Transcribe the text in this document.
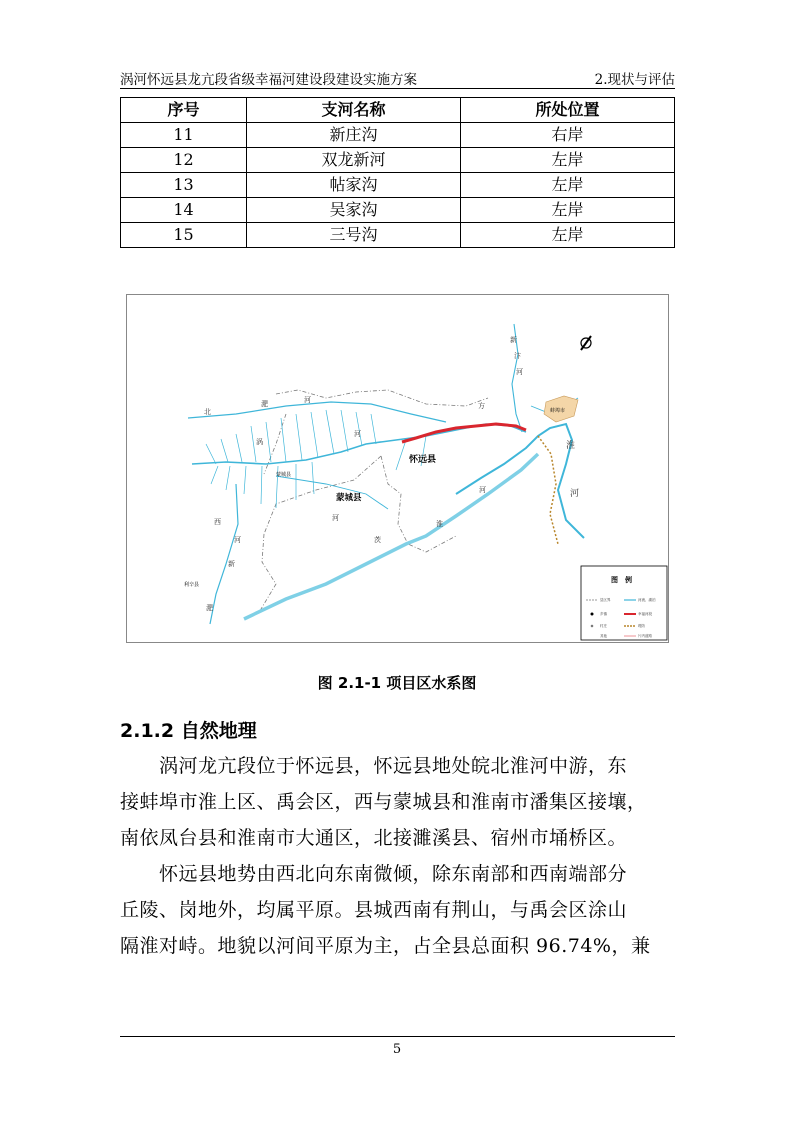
涡河怀远县龙亢段省级幸福河建设段建设实施方案	2.现状与评估
序号	支河名称	所处位置
11	新庄沟	右岸
12	双龙新河	左岸
13	帖家沟	左岸
14	吴家沟	左岸
15	三号沟	左岸
怀远县
蒙城县
蒙城县
利辛县
蚌埠市
北
淝	河
涡
河
茨
淮
河
新
河
西
淝
河
淮
河
新
汴
河
方
图　例
县区界	河流、湖泊
乡镇	幸福河段
村庄	堤防
其他	片内道路
图 2.1-1 项目区水系图
2.1.2 自然地理
　　涡河龙亢段位于怀远县，怀远县地处皖北淮河中游，东
接蚌埠市淮上区、禹会区，西与蒙城县和淮南市潘集区接壤，
南依凤台县和淮南市大通区，北接濉溪县、宿州市埇桥区。
　　怀远县地势由西北向东南微倾，除东南部和西南端部分
丘陵、岗地外，均属平原。县城西南有荆山，与禹会区涂山
隔淮对峙。地貌以河间平原为主，占全县总面积 96.74%，兼
5
